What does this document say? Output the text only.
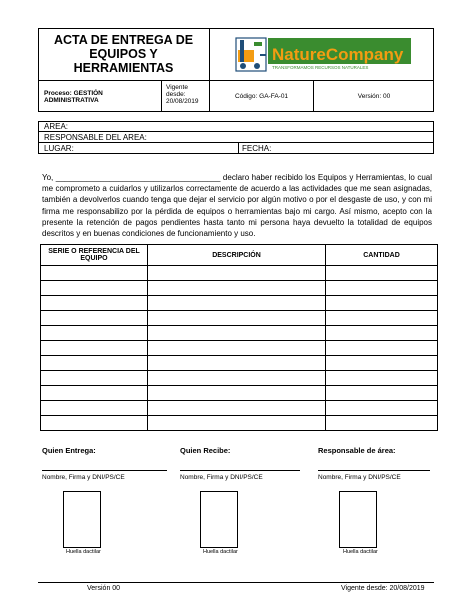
ACTA DE ENTREGA DE
EQUIPOS Y HERRAMIENTAS
NatureCompany
TRANSFORMAMOS RECURSOS NATURALES
Proceso: GESTIÓN ADMINISTRATIVA
Vigente
desde:
20/08/2019
Código: GA-FA-01	Versión: 00
AREA:
RESPONSABLE DEL AREA:
LUGAR:	FECHA:
Yo, _____________________________________ declaro haber recibido los Equipos y Herramientas, lo cual me comprometo a cuidarlos y utilizarlos correctamente de acuerdo a las actividades que me sean asignadas, también a devolverlos cuando tenga que dejar el servicio por algún motivo o por el desgaste de uso, y con mi firma me responsabilizo por la pérdida de equipos o herramientas bajo mi cargo. Así mismo, acepto con la presente la retención de pagos pendientes hasta tanto mi persona haya devuelto la totalidad de equipos descritos y en buenas condiciones de funcionamiento y uso.
SERIE O REFERENCIA DEL EQUIPO	DESCRIPCIÓN	CANTIDAD

Quien Entrega:	Quien Recibe:	Responsable de área:
Nombre, Firma y DNI/PS/CE	Nombre, Firma y DNI/PS/CE	Nombre, Firma y DNI/PS/CE
Huella dactilar	Huella dactilar	Huella dactilar
Versión 00	Vigente desde: 20/08/2019
